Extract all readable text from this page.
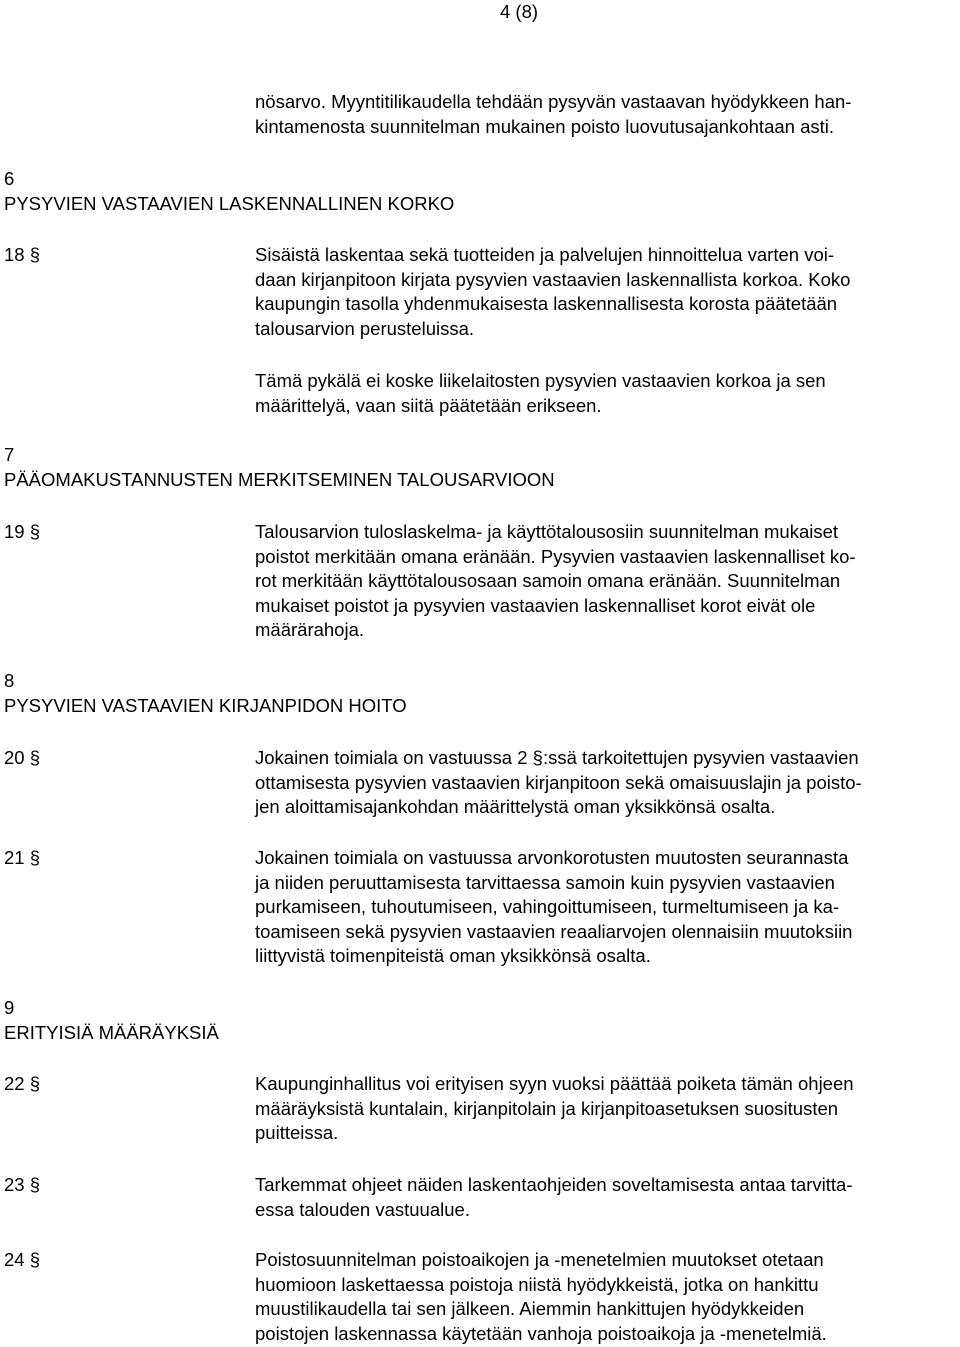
4 (8)
nösarvo. Myyntitilikaudella tehdään pysyvän vastaavan hyödykkeen han-
kintamenosta suunnitelman mukainen poisto luovutusajankohtaan asti.
6
PYSYVIEN VASTAAVIEN LASKENNALLINEN KORKO
18 §	Sisäistä laskentaa sekä tuotteiden ja palvelujen hinnoittelua varten voi-
daan kirjanpitoon kirjata pysyvien vastaavien laskennallista korkoa. Koko
kaupungin tasolla yhdenmukaisesta laskennallisesta korosta päätetään
talousarvion perusteluissa.
Tämä pykälä ei koske liikelaitosten pysyvien vastaavien korkoa ja sen
määrittelyä, vaan siitä päätetään erikseen.
7
PÄÄOMAKUSTANNUSTEN MERKITSEMINEN TALOUSARVIOON
19 §	Talousarvion tuloslaskelma- ja käyttötalousosiin suunnitelman mukaiset
poistot merkitään omana eränään. Pysyvien vastaavien laskennalliset ko-
rot merkitään käyttötalousosaan samoin omana eränään. Suunnitelman
mukaiset poistot ja pysyvien vastaavien laskennalliset korot eivät ole
määrärahoja.
8
PYSYVIEN VASTAAVIEN KIRJANPIDON HOITO
20 §	Jokainen toimiala on vastuussa 2 §:ssä tarkoitettujen pysyvien vastaavien
ottamisesta pysyvien vastaavien kirjanpitoon sekä omaisuuslajin ja poisto-
jen aloittamisajankohdan määrittelystä oman yksikkönsä osalta.
21 §	Jokainen toimiala on vastuussa arvonkorotusten muutosten seurannasta
ja niiden peruuttamisesta tarvittaessa samoin kuin pysyvien vastaavien
purkamiseen, tuhoutumiseen, vahingoittumiseen, turmeltumiseen ja ka-
toamiseen sekä pysyvien vastaavien reaaliarvojen olennaisiin muutoksiin
liittyvistä toimenpiteistä oman yksikkönsä osalta.
9
ERITYISIÄ MÄÄRÄYKSIÄ
22 §	Kaupunginhallitus voi erityisen syyn vuoksi päättää poiketa tämän ohjeen
määräyksistä kuntalain, kirjanpitolain ja kirjanpitoasetuksen suositusten
puitteissa.
23 §	Tarkemmat ohjeet näiden laskentaohjeiden soveltamisesta antaa tarvitta-
essa talouden vastuualue.
24 §	Poistosuunnitelman poistoaikojen ja -menetelmien muutokset otetaan
huomioon laskettaessa poistoja niistä hyödykkeistä, jotka on hankittu
muustilikaudella tai sen jälkeen. Aiemmin hankittujen hyödykkeiden
poistojen laskennassa käytetään vanhoja poistoaikoja ja -menetelmiä.
